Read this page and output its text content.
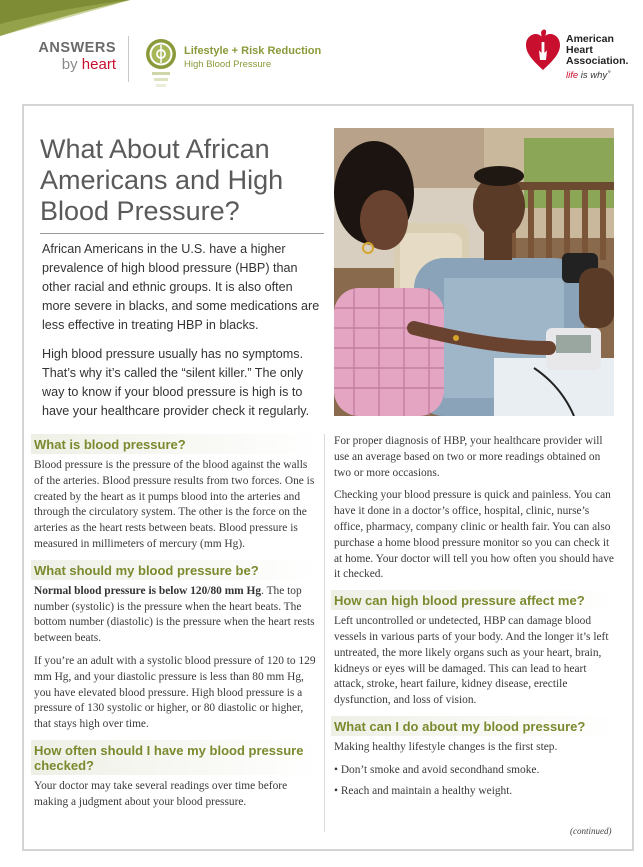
ANSWERS
by heart
Lifestyle + Risk Reduction
High Blood Pressure
American
Heart
Association.
life is why˚
What About African
Americans and High
Blood Pressure?

African Americans in the U.S. have a higher prevalence of high blood pressure (HBP) than other racial and ethnic groups. It is also often more severe in blacks, and some medications are less effective in treating HBP in blacks.

High blood pressure usually has no symptoms. That’s why it’s called the “silent killer.” The only way to know if your blood pressure is high is to have your healthcare provider check it regularly.

What is blood pressure?

Blood pressure is the pressure of the blood against the walls of the arteries. Blood pressure results from two forces. One is created by the heart as it pumps blood into the arteries and through the circulatory system. The other is the force on the arteries as the heart rests between beats. Blood pressure is measured in millimeters of mercury (mm Hg).

What should my blood pressure be?

Normal blood pressure is below 120/80 mm Hg. The top number (systolic) is the pressure when the heart beats. The bottom number (diastolic) is the pressure when the heart rests between beats.

If you’re an adult with a systolic blood pressure of 120 to 129 mm Hg, and your diastolic pressure is less than 80 mm Hg, you have elevated blood pressure. High blood pressure is a pressure of 130 systolic or higher, or 80 diastolic or higher, that stays high over time.

How often should I have my blood pressure checked?

Your doctor may take several readings over time before making a judgment about your blood pressure.

For proper diagnosis of HBP, your healthcare provider will use an average based on two or more readings obtained on two or more occasions.

Checking your blood pressure is quick and painless. You can have it done in a doctor’s office, hospital, clinic, nurse’s office, pharmacy, company clinic or health fair. You can also purchase a home blood pressure monitor so you can check it at home. Your doctor will tell you how often you should have it checked.

How can high blood pressure affect me?

Left uncontrolled or undetected, HBP can damage blood vessels in various parts of your body. And the longer it’s left untreated, the more likely organs such as your heart, brain, kidneys or eyes will be damaged. This can lead to heart attack, stroke, heart failure, kidney disease, erectile dysfunction, and loss of vision.

What can I do about my blood pressure?

Making healthy lifestyle changes is the first step.

• Don’t smoke and avoid secondhand smoke.

• Reach and maintain a healthy weight.

(continued)
